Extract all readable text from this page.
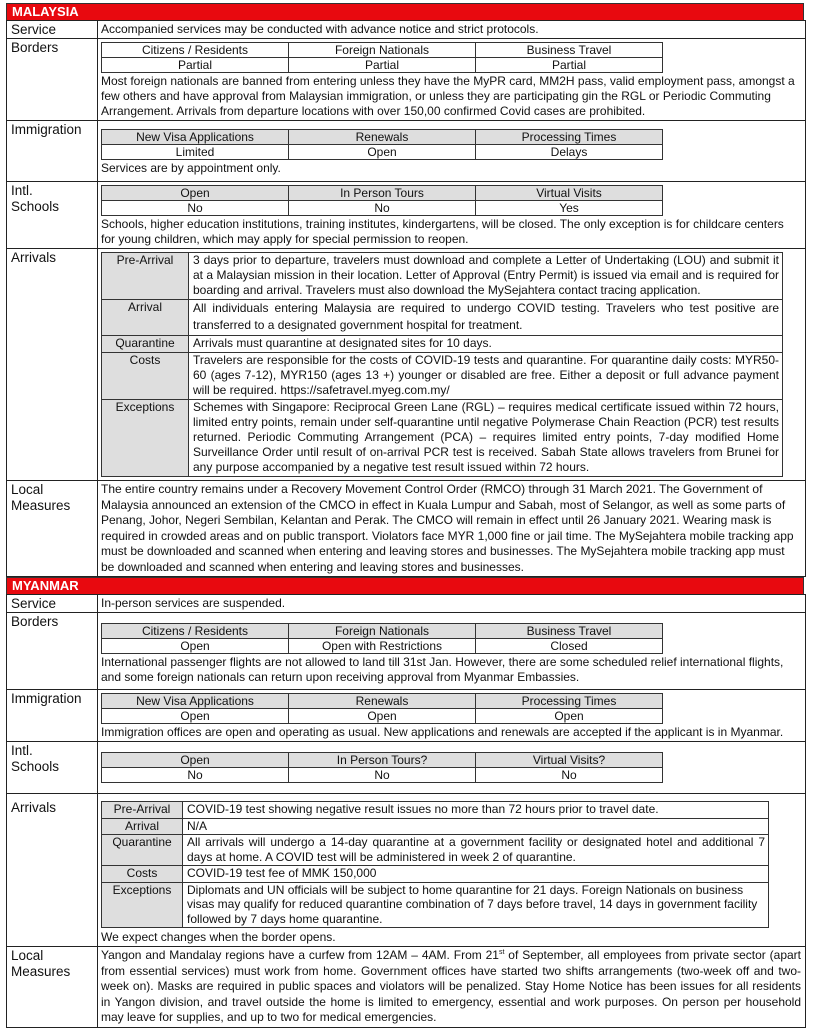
MALAYSIA
Service	Accompanied services may be conducted with advance notice and strict protocols.
Borders		Citizens / Residents	Foreign Nationals	Business Travel
Partial	Partial	Partial
Most foreign nationals are banned from entering unless they have the MyPR card, MM2H pass, valid employment pass, amongst a few others and have approval from Malaysian immigration, or unless they are participating gin the RGL or Periodic Commuting Arrangement. Arrivals from departure locations with over 150,00 confirmed Covid cases are prohibited.

Immigration		New Visa Applications	Renewals	Processing Times
Limited	Open	Delays
Services are by appointment only.

Intl.
Schools

Open	In Person Tours	Virtual Visits
No	No	Yes
Schools, higher education institutions, training institutes, kindergartens, will be closed. The only exception is for childcare centers for young children, which may apply for special permission to reopen.

Arrivals		Pre-Arrival	3 days prior to departure, travelers must download and complete a Letter of Undertaking (LOU) and submit it at a Malaysian mission in their location. Letter of Approval (Entry Permit) is issued via email and is required for boarding and arrival. Travelers must also download the MySejahtera contact tracing application.
Arrival	All individuals entering Malaysia are required to undergo COVID testing. Travelers who test positive are transferred to a designated government hospital for treatment.
Quarantine	Arrivals must quarantine at designated sites for 10 days.
Costs	Travelers are responsible for the costs of COVID-19 tests and quarantine. For quarantine daily costs: MYR50-60 (ages 7-12), MYR150 (ages 13 +) younger or disabled are free. Either a deposit or full advance payment will be required. https://safetravel.myeg.com.my/
Exceptions	Schemes with Singapore: Reciprocal Green Lane (RGL) – requires medical certificate issued within 72 hours, limited entry points, remain under self-quarantine until negative Polymerase Chain Reaction (PCR) test results returned. Periodic Commuting Arrangement (PCA) – requires limited entry points, 7-day modified Home Surveillance Order until result of on-arrival PCR test is received. Sabah State allows travelers from Brunei for any purpose accompanied by a negative test result issued within 72 hours.

Local
Measures
	The entire country remains under a Recovery Movement Control Order (RMCO) through 31 March 2021. The Government of Malaysia announced an extension of the CMCO in effect in Kuala Lumpur and Sabah, most of Selangor, as well as some parts of Penang, Johor, Negeri Sembilan, Kelantan and Perak. The CMCO will remain in effect until 26 January 2021. Wearing mask is required in crowded areas and on public transport. Violators face MYR 1,000 fine or jail time. The MySejahtera mobile tracking app must be downloaded and scanned when entering and leaving stores and businesses. The MySejahtera mobile tracking app must be downloaded and scanned when entering and leaving stores and businesses.
MYANMAR
Service	In-person services are suspended.
Borders	
Citizens / Residents	Foreign Nationals	Business Travel
Open	Open with Restrictions	Closed
International passenger flights are not allowed to land till 31st Jan. However, there are some scheduled relief international flights, and some foreign nationals can return upon receiving approval from Myanmar Embassies.

Immigration		New Visa Applications	Renewals	Processing Times
Open	Open	Open
Immigration offices are open and operating as usual. New applications and renewals are accepted if the applicant is in Myanmar.

Intl.
Schools
		Open	In Person Tours?	Virtual Visits?
No	No	No

Arrivals		Pre-Arrival	COVID-19 test showing negative result issues no more than 72 hours prior to travel date.
Arrival	N/A
Quarantine	All arrivals will undergo a 14-day quarantine at a government facility or designated hotel and additional 7 days at home. A COVID test will be administered in week 2 of quarantine.
Costs	COVID-19 test fee of MMK 150,000
Exceptions	Diplomats and UN officials will be subject to home quarantine for 21 days. Foreign Nationals on business visas may qualify for reduced quarantine combination of 7 days before travel, 14 days in government facility followed by 7 days home quarantine.
We expect changes when the border opens.

Local
Measures
	Yangon and Mandalay regions have a curfew from 12AM – 4AM. From 21st of September, all employees from private sector (apart from essential services) must work from home. Government offices have started two shifts arrangements (two-week off and two-week on). Masks are required in public spaces and violators will be penalized. Stay Home Notice has been issues for all residents in Yangon division, and travel outside the home is limited to emergency, essential and work purposes. On person per household may leave for supplies, and up to two for medical emergencies.
